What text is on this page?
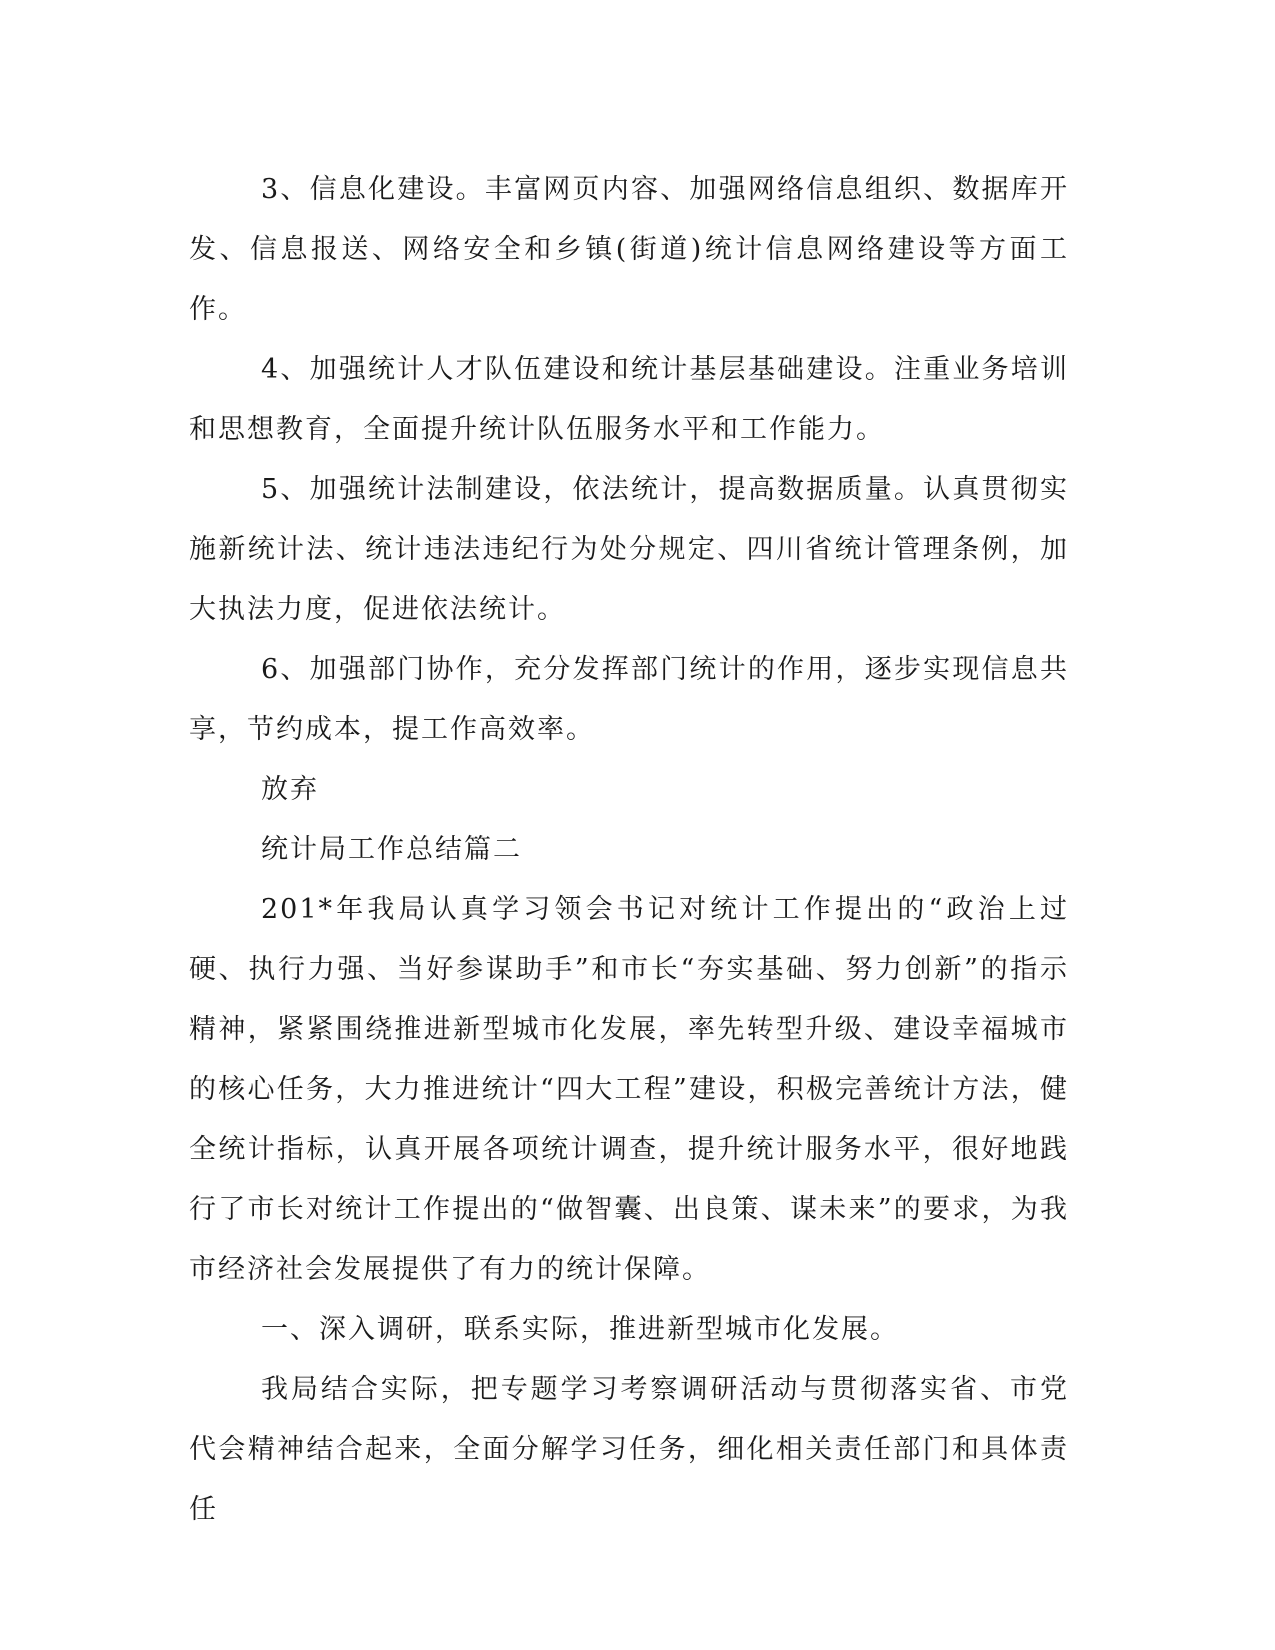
3、信息化建设。丰富网页内容、加强网络信息组织、数据库开发、信息报送、网络安全和乡镇(街道)统计信息网络建设等方面工作。

4、加强统计人才队伍建设和统计基层基础建设。注重业务培训和思想教育，全面提升统计队伍服务水平和工作能力。

5、加强统计法制建设，依法统计，提高数据质量。认真贯彻实施新统计法、统计违法违纪行为处分规定、四川省统计管理条例，加大执法力度，促进依法统计。

6、加强部门协作，充分发挥部门统计的作用，逐步实现信息共享，节约成本，提工作高效率。

放弃

统计局工作总结篇二

201*年我局认真学习领会书记对统计工作提出的“政治上过硬、执行力强、当好参谋助手”和市长“夯实基础、努力创新”的指示精神，紧紧围绕推进新型城市化发展，率先转型升级、建设幸福城市的核心任务，大力推进统计“四大工程”建设，积极完善统计方法，健全统计指标，认真开展各项统计调查，提升统计服务水平，很好地践行了市长对统计工作提出的“做智囊、出良策、谋未来”的要求，为我市经济社会发展提供了有力的统计保障。

一、深入调研，联系实际，推进新型城市化发展。

我局结合实际，把专题学习考察调研活动与贯彻落实省、市党代会精神结合起来，全面分解学习任务，细化相关责任部门和具体责任
